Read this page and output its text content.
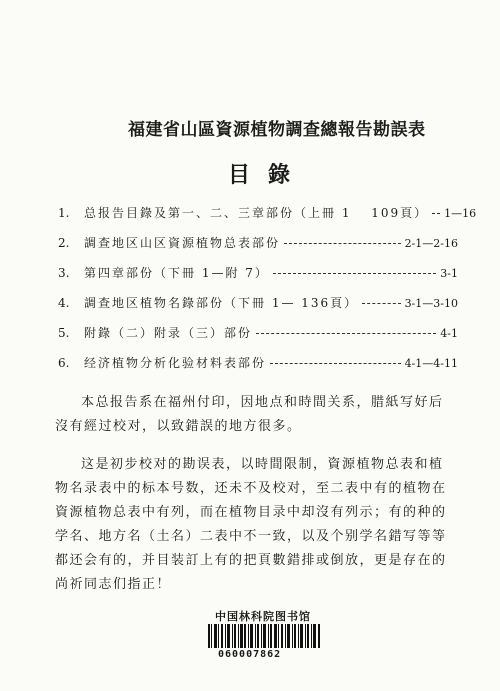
福建省山區資源植物調查總報告勘誤表
目錄
1.	总报告目錄及第一、二、三章部份（上冊 1 　109頁） 1—16
2.	調查地区山区資源植物总表部份	2-1—2-16
3.	第四章部份（下冊 1—附 7）	3-1
4.	調查地区植物名錄部份（下冊 1— 136頁）	3-1—3-10
5.	附錄（二）附录（三）部份	4-1
6.	经济植物分析化验材料表部份	4-1—4-11

本总报告系在福州付印，因地点和時間关系，腊紙写好后沒有經过校对，以致錯誤的地方很多。

这是初步校对的勘误表，以時間限制，資源植物总表和植物名录表中的标本号数，还未不及校对，至二表中有的植物在資源植物总表中有列，而在植物目录中却沒有列示；有的种的学名、地方名（土名）二表中不一致，以及个别学名錯写等等都还会有的，并目装訂上有的把頁數錯排或倒放，更是存在的尚祈同志们指正！

中国林科院图书馆
060007862
